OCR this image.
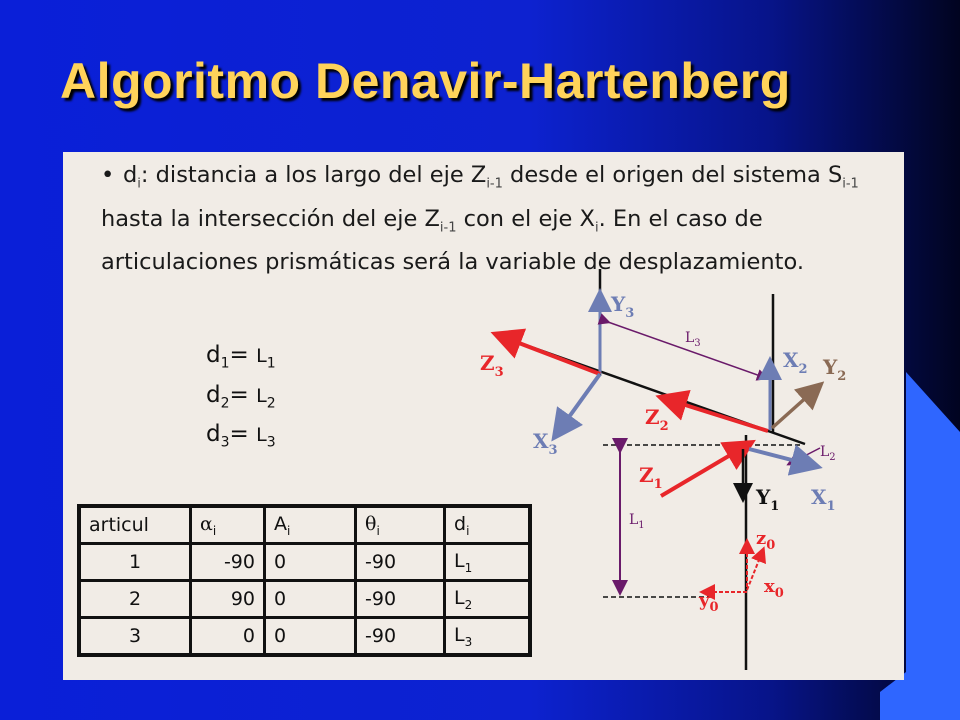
Algoritmo Denavir-Hartenberg

• $d_i$: distancia a los largo del eje $Z_{i-1}$ desde el origen del sistema $S_{i-1}$ hasta la intersección del eje $Z_{i-1}$ con el eje $X_i$. En el caso de articulaciones prismáticas será la variable de desplazamiento.

$d_1= L_1$
$d_2= L_2$
$d_3= L_3$
articul	$\alpha_i$	$A_i$	$\theta_i$	$d_i$
1	-90	0	-90	$L_1$
2	90	0	-90	$L_2$
3	0	0	-90	$L_3$
$Y_3$
$Z_3$
$X_3$
$X_2$ $Y_2$
$Z_2$
$Z_1$
$Y_1$ $X_1$
$z_0$
$x_0$
$y_0$
$L_3$
$L_2$
$L_1$
